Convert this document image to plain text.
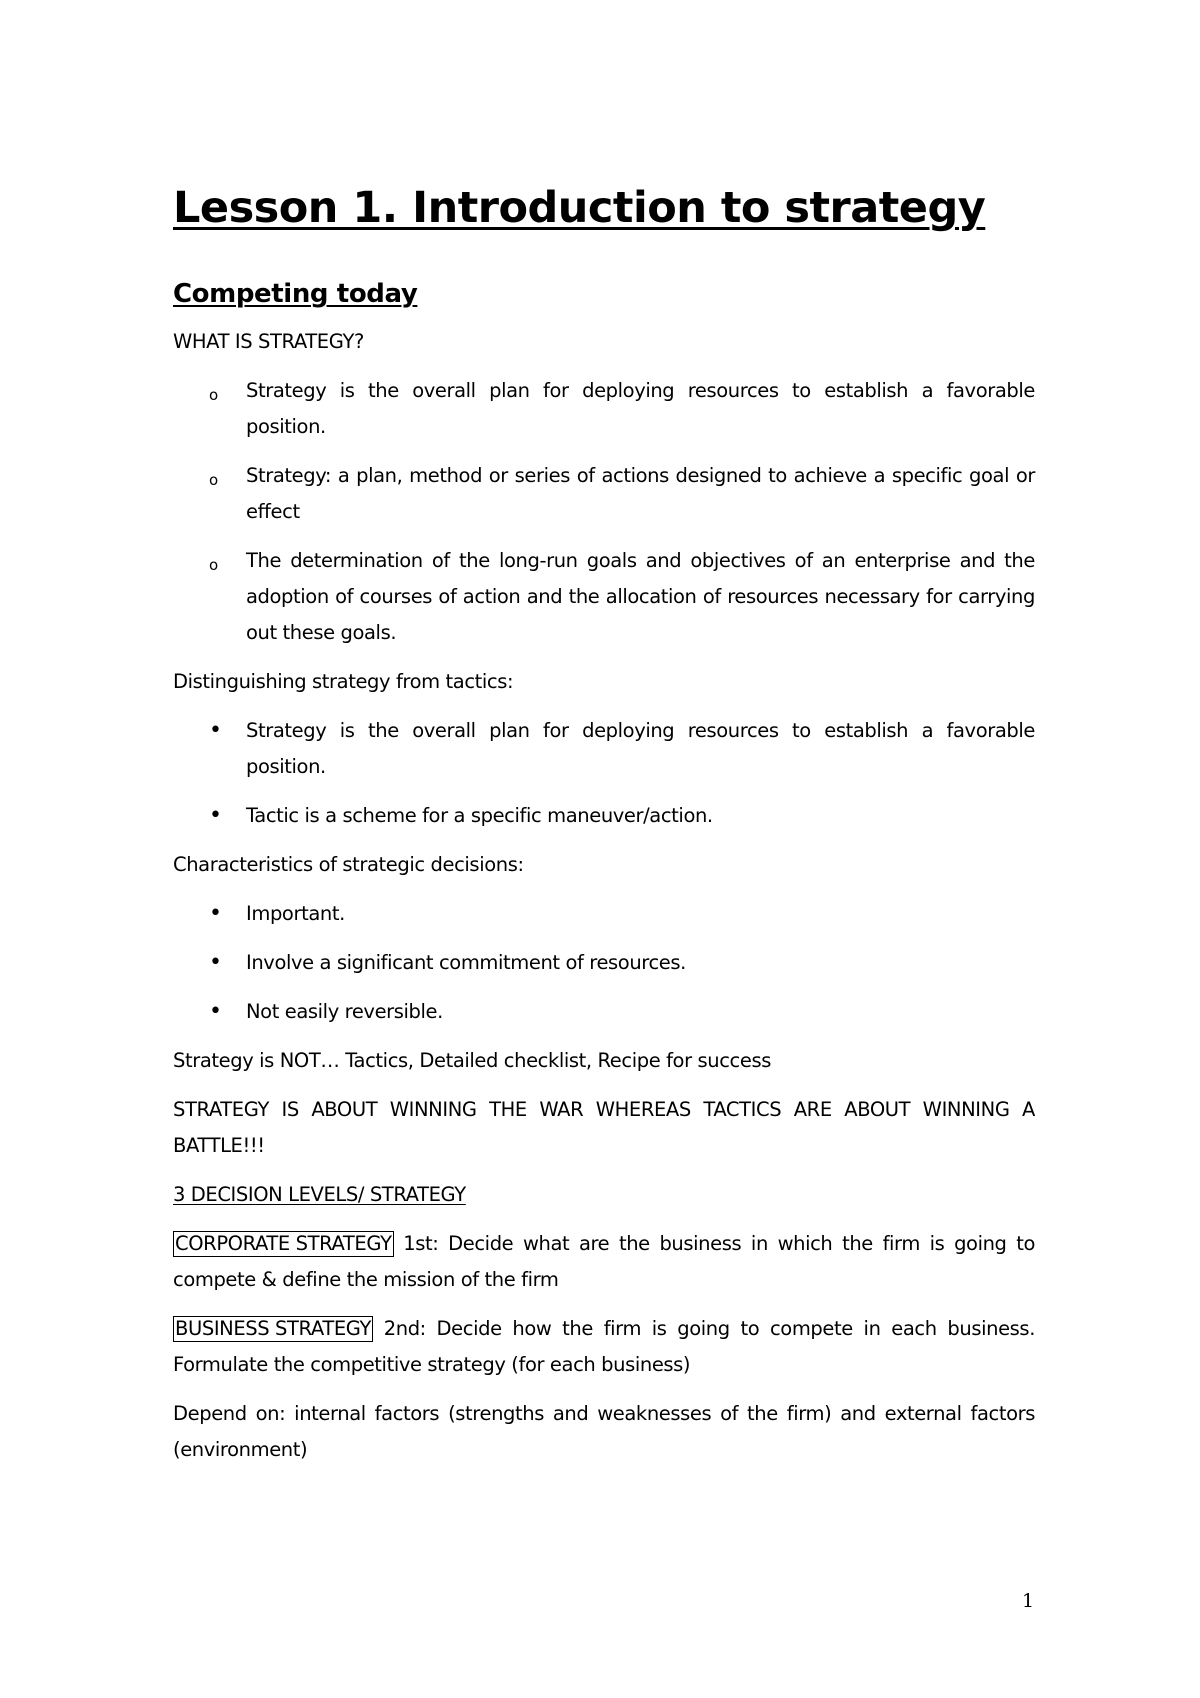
Lesson 1. Introduction to strategy
Competing today

WHAT IS STRATEGY?

o	Strategy is the overall plan for deploying resources to establish a favorable position.
o	Strategy: a plan, method or series of actions designed to achieve a specific goal or effect
o	The determination of the long-run goals and objectives of an enterprise and the adoption of courses of action and the allocation of resources necessary for carrying out these goals.

Distinguishing strategy from tactics:

•	Strategy is the overall plan for deploying resources to establish a favorable position.
•	Tactic is a scheme for a specific maneuver/action.

Characteristics of strategic decisions:

•	Important.
•	Involve a significant commitment of resources.
•	Not easily reversible.

Strategy is NOT… Tactics, Detailed checklist, Recipe for success

STRATEGY IS ABOUT WINNING THE WAR WHEREAS TACTICS ARE ABOUT WINNING A BATTLE!!!

3 DECISION LEVELS/ STRATEGY

CORPORATE STRATEGY 1st: Decide what are the business in which the firm is going to compete & define the mission of the firm

BUSINESS STRATEGY 2nd: Decide how the firm is going to compete in each business. Formulate the competitive strategy (for each business)

Depend on: internal factors (strengths and weaknesses of the firm) and external factors (environment)

1
